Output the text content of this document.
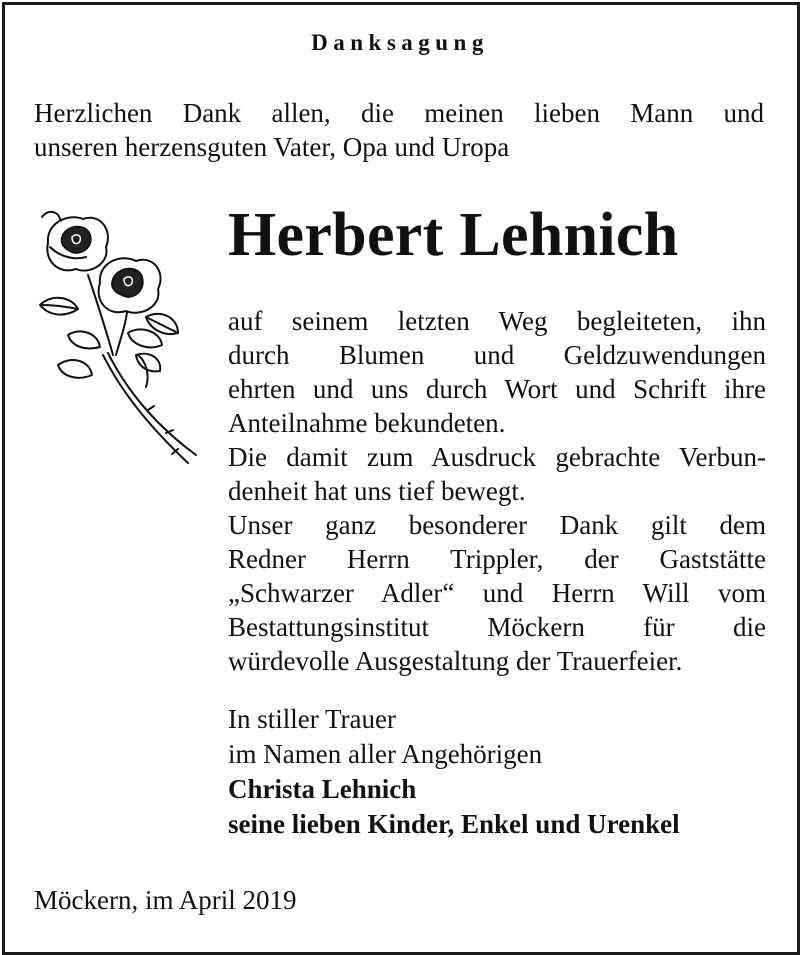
Danksagung
Herzlichen Dank allen, die meinen lieben Mann und
unseren herzensguten Vater, Opa und Uropa
Herbert Lehnich
auf seinem letzten Weg begleiteten, ihn
durch Blumen und Geldzuwendungen
ehrten und uns durch Wort und Schrift ihre
Anteilnahme bekundeten.
Die damit zum Ausdruck gebrachte Verbun-
denheit hat uns tief bewegt.
Unser ganz besonderer Dank gilt dem
Redner Herrn Trippler, der Gaststätte
„Schwarzer Adler“ und Herrn Will vom
Bestattungsinstitut Möckern für die
würdevolle Ausgestaltung der Trauerfeier.
In stiller Trauer
im Namen aller Angehörigen
Christa Lehnich
seine lieben Kinder, Enkel und Urenkel
Möckern, im April 2019
